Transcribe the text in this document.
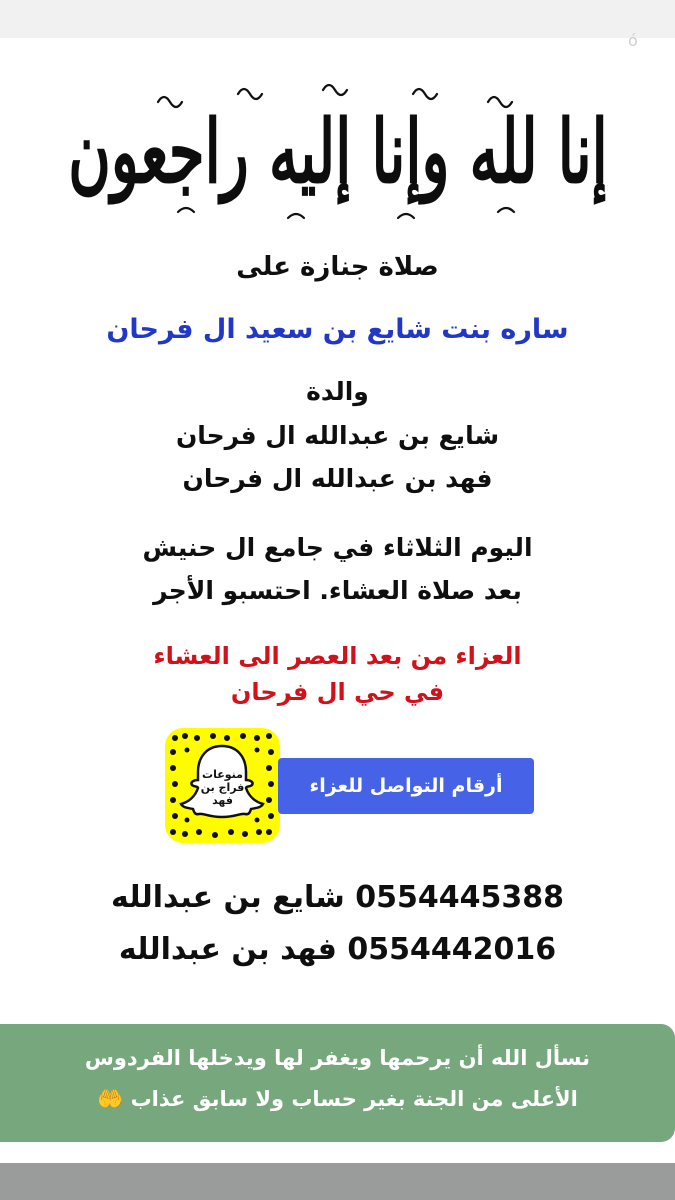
ó
إنا لله وإنا إليه راجعون
صلاة جنازة على
ساره بنت شايع بن سعيد ال فرحان
والدة
شايع بن عبدالله ال فرحان
فهد بن عبدالله ال فرحان
اليوم الثلاثاء في جامع ال حنيش
بعد صلاة العشاء. احتسبو الأجر
العزاء من بعد العصر الى العشاء
في حي ال فرحان
منوعات
فراج بن
فهد
أرقام التواصل للعزاء
0554445388 شايع بن عبدالله
0554442016 فهد بن عبدالله
نسأل الله أن يرحمها ويغفر لها ويدخلها الفردوس
الأعلى من الجنة بغير حساب ولا سابق عذاب 🤲
